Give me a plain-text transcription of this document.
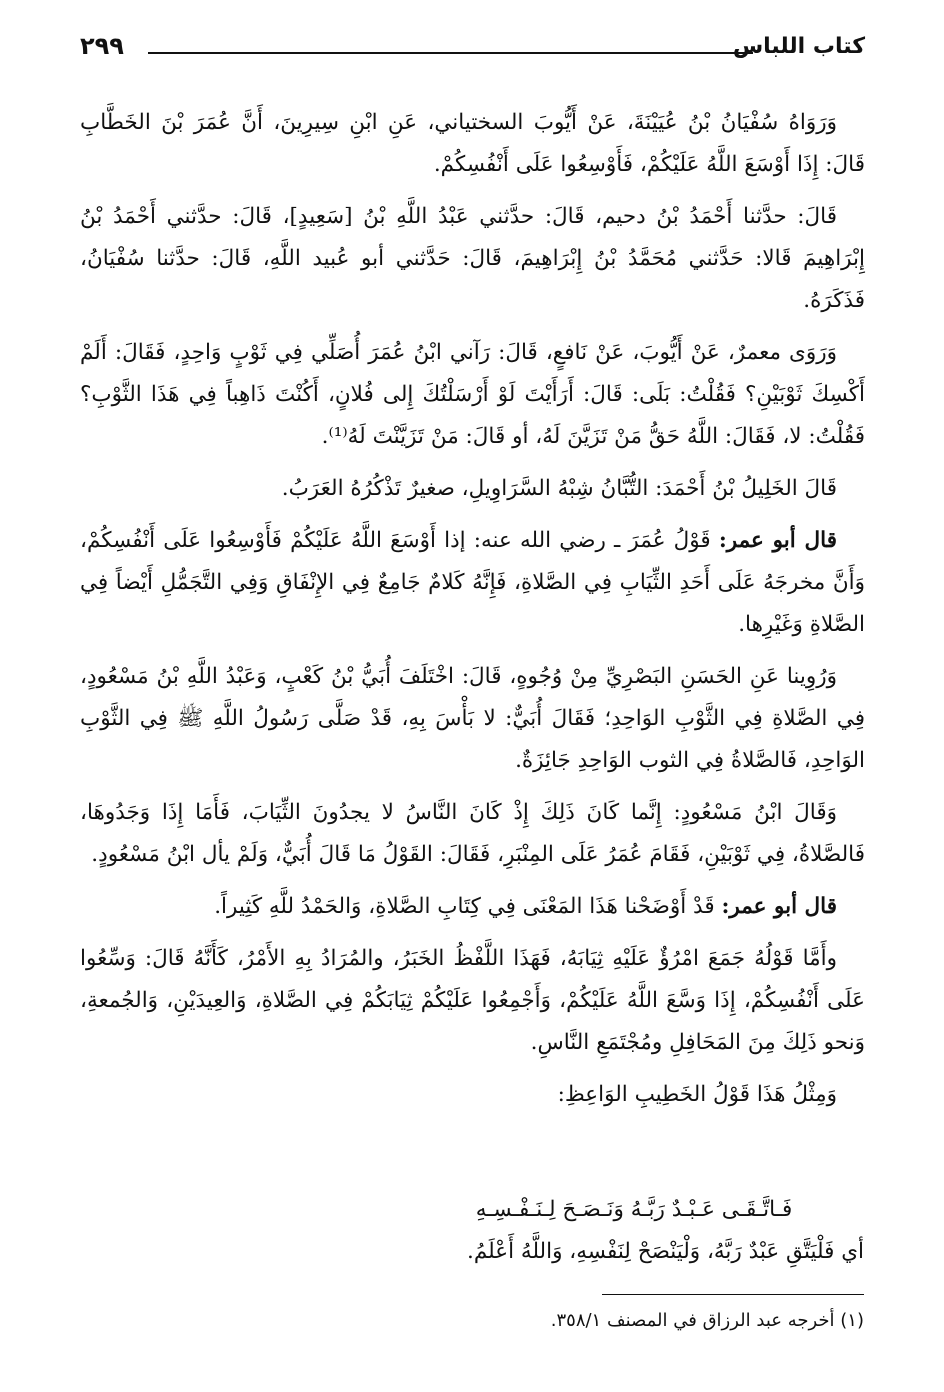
كتاب اللباس
٢٩٩

وَرَوَاهُ سُفْيَانُ بْنُ عُيَيْنَةَ، عَنْ أَيُّوبَ السختياني، عَنِ ابْنِ سِيرِينَ، أَنَّ عُمَرَ بْنَ الخَطَّابِ قَالَ: إِذَا أَوْسَعَ اللَّهُ عَلَيْكُمْ، فَأَوْسِعُوا عَلَى أَنْفُسِكُمْ.

قَالَ: حدَّثنا أَحْمَدُ بْنُ دحيم، قَالَ: حدَّثني عَبْدُ اللَّهِ بْنُ [سَعِيدٍ]، قَالَ: حدَّثني أَحْمَدُ بْنُ إِبْرَاهِيمَ قَالا: حَدَّثني مُحَمَّدُ بْنُ إِبْرَاهِيمَ، قَالَ: حَدَّثني أبو عُبيد اللَّهِ، قَالَ: حدَّثنا سُفْيَانُ، فَذَكَرَهُ.

وَرَوَى معمرٌ، عَنْ أَيُّوبَ، عَنْ نَافعٍ، قَالَ: رَآني ابْنُ عُمَرَ أُصَلِّي فِي ثَوْبٍ وَاحِدٍ، فَقَالَ: أَلَمْ أَكْسِكَ ثَوْبَيْنِ؟ فَقُلْتُ: بَلَى: قَالَ: أَرَأَيْتَ لَوْ أَرْسَلْتُكَ إِلى فُلانٍ، أَكُنْتَ ذَاهِباً فِي هَذَا الثَّوْبِ؟ فَقُلْتُ: لا، فَقَالَ: اللَّهُ حَقُّ مَنْ تَزَيَّنَ لَهُ، أو قَالَ: مَنْ تَزَيَّنْتَ لَهُ⁽¹⁾.

قَالَ الخَلِيلُ بْنُ أَحْمَدَ: التُّبَّانُ شِبْهُ السَّرَاوِيلِ، صغيرٌ تَذْكُرُهُ العَرَبُ.

قال أبو عمر: قَوْلُ عُمَرَ ـ رضي الله عنه: إذا أَوْسَعَ اللَّهُ عَلَيْكُمْ فَأَوْسِعُوا عَلَى أَنْفُسِكُمْ، وَأَنَّ مخرجَهُ عَلَى أَحَدِ الثِّيَابِ فِي الصَّلاةِ، فَإِنَّهُ كَلامٌ جَامِعٌ فِي الإِنْفَاقِ وَفِي التَّجَمُّلِ أَيْضاً فِي الصَّلاةِ وَغَيْرِها.

وَرُوِينا عَنِ الحَسَنِ البَصْرِيِّ مِنْ وُجُوهٍ، قَالَ: اخْتَلَفَ أُبَيُّ بْنُ كَعْبٍ، وَعَبْدُ اللَّهِ بْنُ مَسْعُودٍ، فِي الصَّلاةِ فِي الثَّوْبِ الوَاحِدِ؛ فَقَالَ أُبَيٌّ: لا بَأْسَ بِهِ، قَدْ صَلَّى رَسُولُ اللَّهِ ﷺ فِي الثَّوْبِ الوَاحِدِ، فَالصَّلاةُ فِي الثوب الوَاحِدِ جَائِزَةٌ.

وَقَالَ ابْنُ مَسْعُودٍ: إِنَّما كَانَ ذَلِكَ إِذْ كَانَ النَّاسُ لا يجدُونَ الثِّيَابَ، فَأَمَا إِذَا وَجَدُوهَا، فَالصَّلاةُ، فِي ثَوْبَيْنِ، فَقَامَ عُمَرُ عَلَى المِنْبَرِ، فَقَالَ: القَوْلُ مَا قَالَ أُبَيٌّ، وَلَمْ يأل ابْنُ مَسْعُودٍ.

قال أبو عمر: قَدْ أَوْضَحْنا هَذَا المَعْنَى فِي كِتَابِ الصَّلاةِ، وَالحَمْدُ للَّهِ كَثِيراً.

وأَمَّا قَوْلُهُ جَمَعَ امْرُؤٌ عَلَيْهِ ثِيَابَهُ، فَهَذَا اللَّفْظُ الخَبَرُ، والمُرَادُ بِهِ الأَمْرُ، كَأَنَّهُ قَالَ: وَسِّعُوا عَلَى أَنْفُسِكُمْ، إِذَا وَسَّعَ اللَّهُ عَلَيْكُمْ، وَأَجْمِعُوا عَلَيْكُمْ ثِيَابَكُمْ فِي الصَّلاةِ، وَالعِيدَيْنِ، وَالجُمعةِ، وَنحو ذَلِكَ مِنَ المَحَافِلِ ومُجْتَمَعِ النَّاسِ.

وَمِثْلُ هَذَا قَوْلُ الخَطِيبِ الوَاعِظِ:

فَـاتَّـقَـى عَـبْـدٌ رَبَّـهُ وَنَـصَـحَ لِـنَـفْـسِـهِ
أي فَلْيَتَّقِ عَبْدٌ رَبَّهُ، وَلْيَنْصَحْ لِنَفْسِهِ، وَاللَّهُ أَعْلَمُ.
(١) أخرجه عبد الرزاق في المصنف ٣٥٨/١.
